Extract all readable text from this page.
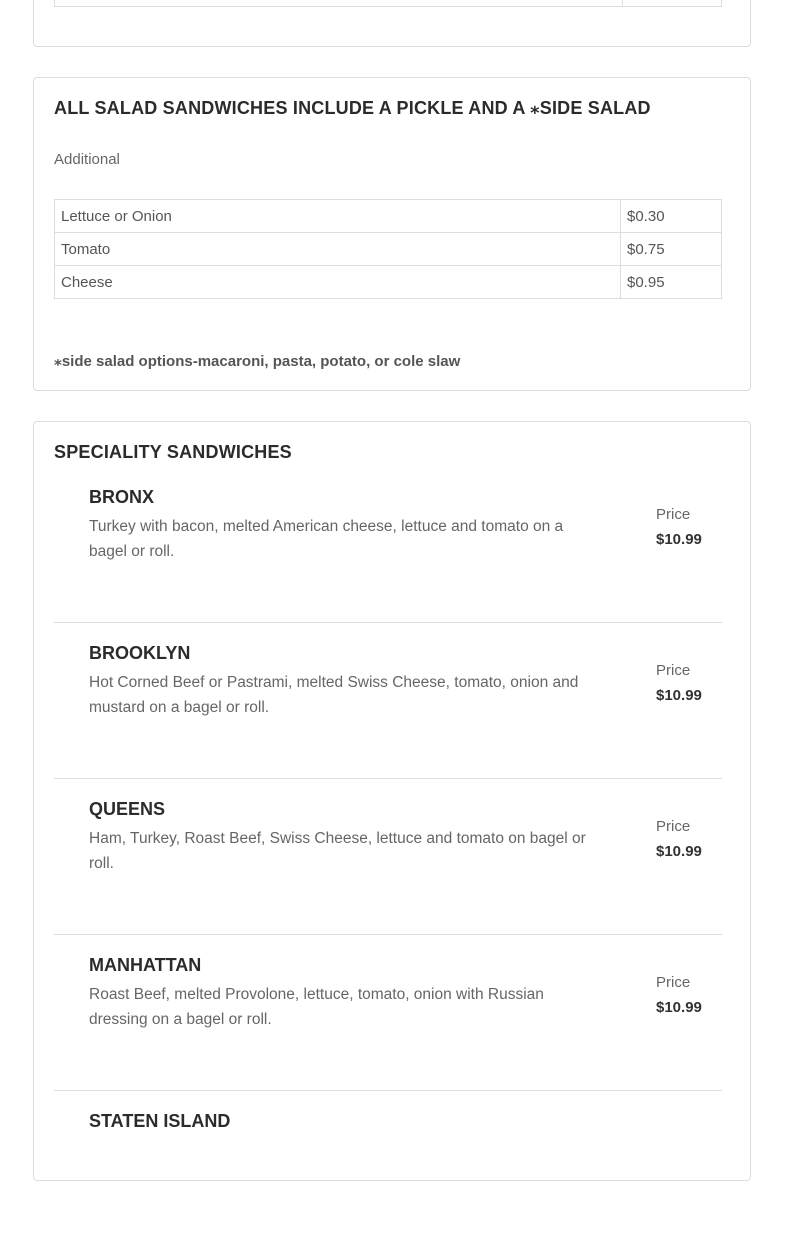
ALL SALAD SANDWICHES INCLUDE A PICKLE AND A ⁎SIDE SALAD
Additional
Lettuce or Onion	$0.30
Tomato	$0.75
Cheese	$0.95
⁎side salad options-macaroni, pasta, potato, or cole slaw
SPECIALITY SANDWICHES
BRONX
Turkey with bacon, melted American cheese, lettuce and tomato on a bagel or roll.
Price
$10.99
BROOKLYN
Hot Corned Beef or Pastrami, melted Swiss Cheese, tomato, onion and mustard on a bagel or roll.
Price
$10.99
QUEENS
Ham, Turkey, Roast Beef, Swiss Cheese, lettuce and tomato on bagel or roll.
Price
$10.99
MANHATTAN
Roast Beef, melted Provolone, lettuce, tomato, onion with Russian dressing on a bagel or roll.
Price
$10.99
STATEN ISLAND
